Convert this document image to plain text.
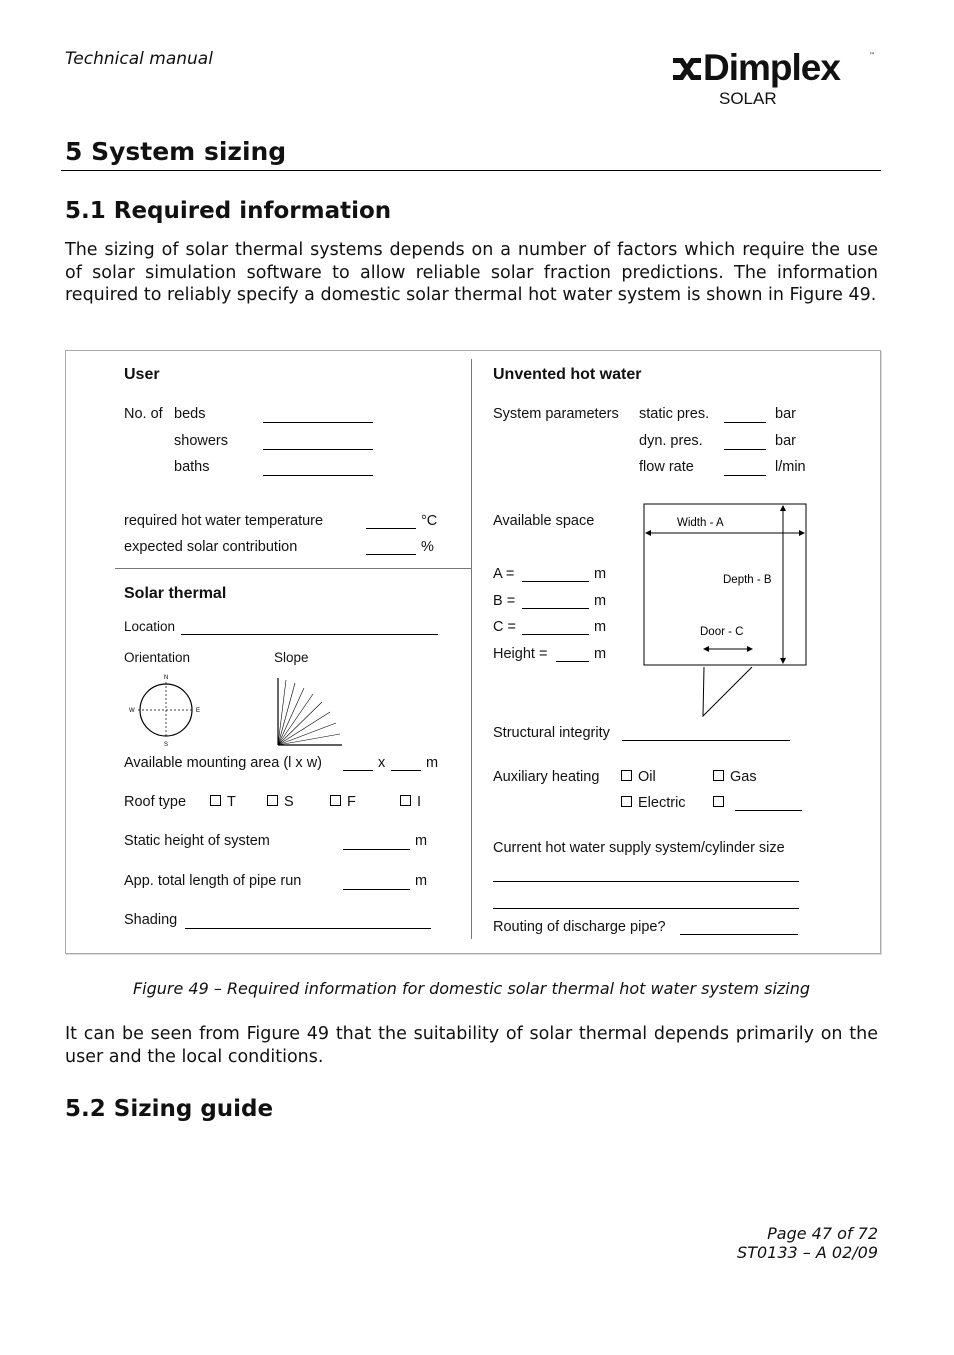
Technical manual	Dimplex	™
SOLAR
5 System sizing
5.1 Required information
The sizing of solar thermal systems depends on a number of factors which require the use of solar simulation software to allow reliable solar fraction predictions. The information required to reliably specify a domestic solar thermal hot water system is shown in Figure 49.
User
No. of beds
showers
baths
required hot water temperature	°C
expected solar contribution	%
Solar thermal
Location
Orientation	Slope
N
S
E
W
Available mounting area (l x w)	x	m
Roof type	T	S	F	I
Static height of system	m
App. total length of pipe run	m
Shading
Unvented hot water
System parameters static pres.	bar
dyn. pres.	bar
flow rate	l/min
Available space
A =	m
B =	m
C =	m
Height =	m
Width - A
Depth - B
Door - C
Structural integrity
Auxiliary heating	Oil	Gas
Electric
Current hot water supply system/cylinder size
Routing of discharge pipe?
Figure 49 – Required information for domestic solar thermal hot water system sizing
It can be seen from Figure 49 that the suitability of solar thermal depends primarily on the user and the local conditions.
5.2 Sizing guide
Page 47 of 72
ST0133 – A 02/09
